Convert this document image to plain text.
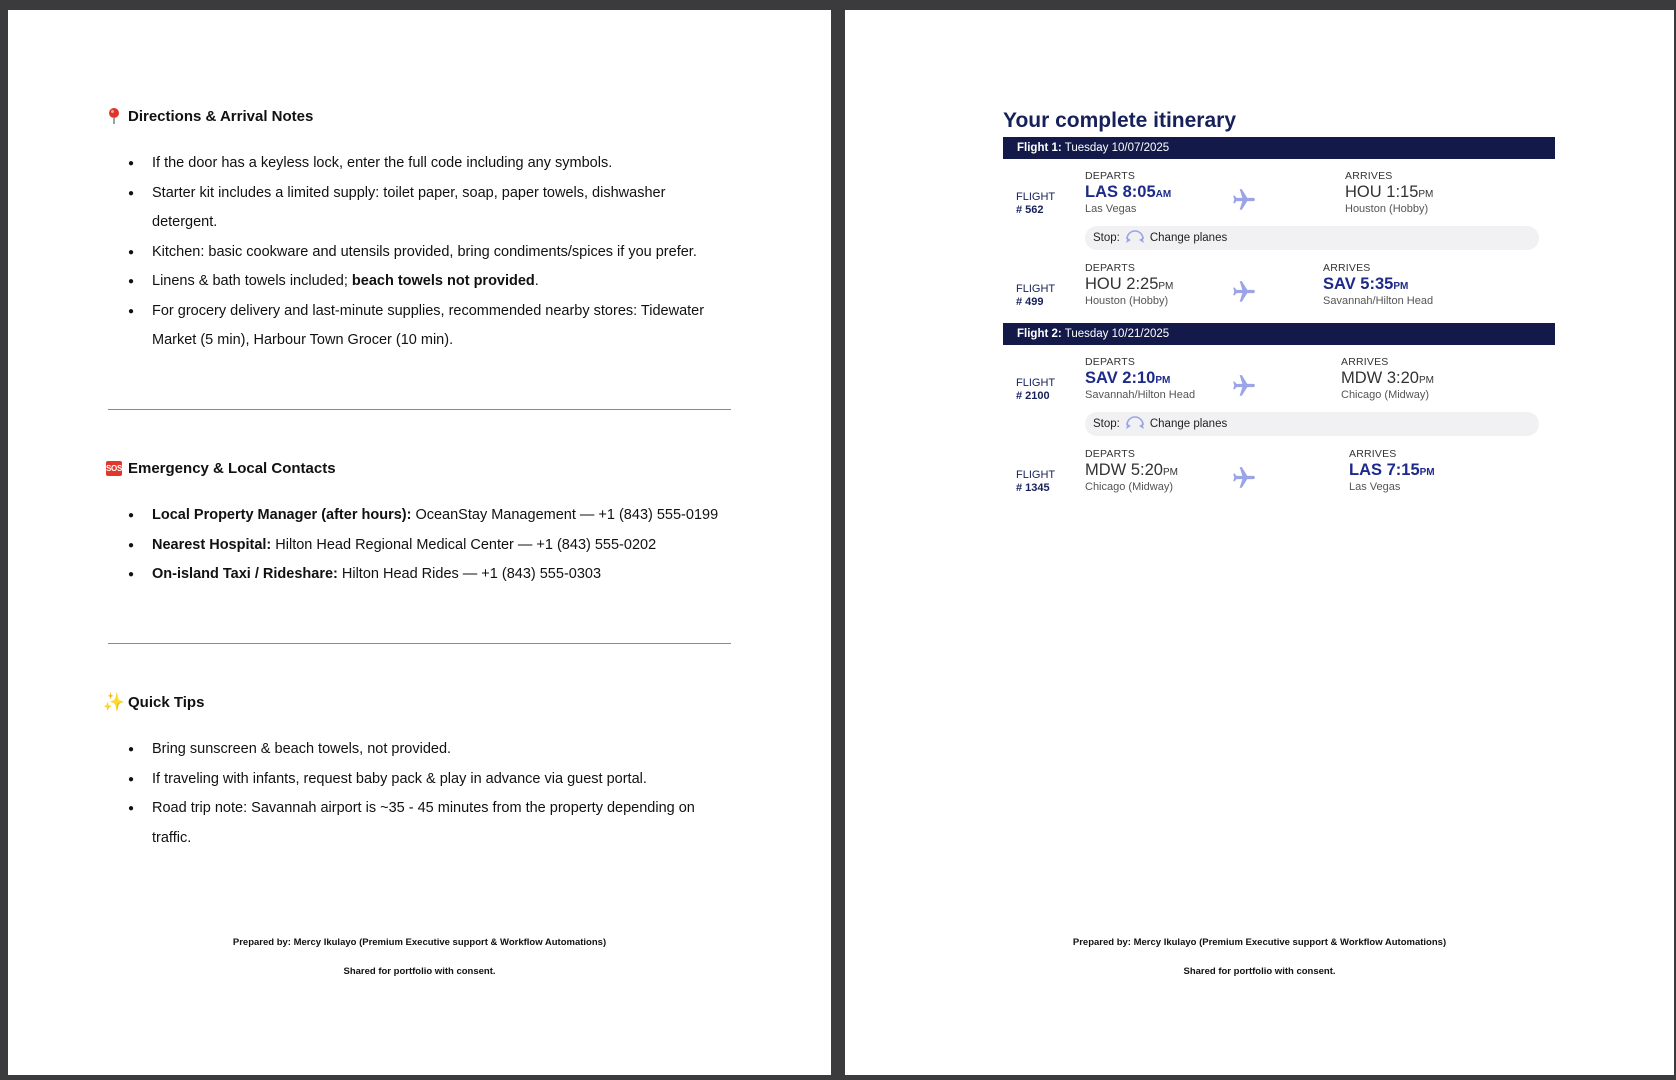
Directions & Arrival Notes
● If the door has a keyless lock, enter the full code including any symbols.
● Starter kit includes a limited supply: toilet paper, soap, paper towels, dishwasher detergent.
● Kitchen: basic cookware and utensils provided, bring condiments/spices if you prefer.
● Linens & bath towels included; beach towels not provided.
● For grocery delivery and last-minute supplies, recommended nearby stores: Tidewater Market (5 min), Harbour Town Grocer (10 min).
SOS Emergency & Local Contacts
● Local Property Manager (after hours): OceanStay Management — +1 (843) 555-0199
● Nearest Hospital: Hilton Head Regional Medical Center — +1 (843) 555-0202
● On-island Taxi / Rideshare: Hilton Head Rides — +1 (843) 555-0303
✨ Quick Tips
● Bring sunscreen & beach towels, not provided.
● If traveling with infants, request baby pack & play in advance via guest portal.
● Road trip note: Savannah airport is ~35 - 45 minutes from the property depending on traffic.
Prepared by: Mercy Ikulayo (Premium Executive support & Workflow Automations)
Shared for portfolio with consent.
Your complete itinerary
Flight 1: Tuesday 10/07/2025
FLIGHT
# 562
DEPARTS
LAS 8:05AM
Las Vegas
ARRIVES
HOU 1:15PM
Houston (Hobby)
Stop:	Change planes
FLIGHT
# 499
DEPARTS
HOU 2:25PM
Houston (Hobby)
ARRIVES
SAV 5:35PM
Savannah/Hilton Head
Flight 2: Tuesday 10/21/2025
FLIGHT
# 2100
DEPARTS
SAV 2:10PM
Savannah/Hilton Head
ARRIVES
MDW 3:20PM
Chicago (Midway)
Stop:	Change planes
FLIGHT
# 1345
DEPARTS
MDW 5:20PM
Chicago (Midway)
ARRIVES
LAS 7:15PM
Las Vegas
Prepared by: Mercy Ikulayo (Premium Executive support & Workflow Automations)
Shared for portfolio with consent.
